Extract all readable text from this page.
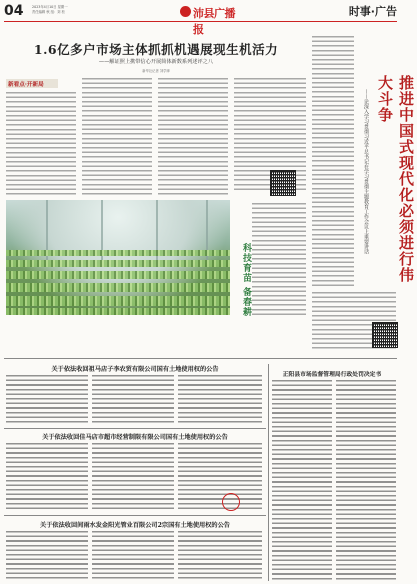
04	2023年4月10日 星期一
责任编辑 秋 组：刘 松	沛县广播报
时事·广告
1.6亿多户市场主体抓抓机遇展现生机活力
——解证照上携带信心开展简体新数系列述评之八
新华社记者 刘学律
新看点·开新局
科技育苗 备春耕	推进中国式现代化必须进行伟大斗争
——论深入学习贯彻习近平总书记在学习贯彻主题教育工作会议上重要讲话
关于依法收回祖马店子李农贸有限公司国有土地使用权的公告
关于依法收回佳马店市超市经营制限有限公司国有土地使用权的公告
关于依法收回间雨水发金阳光管业百限公司2宗国有土地使用权的公告
正阳县市场监督管理局行政处罚决定书
